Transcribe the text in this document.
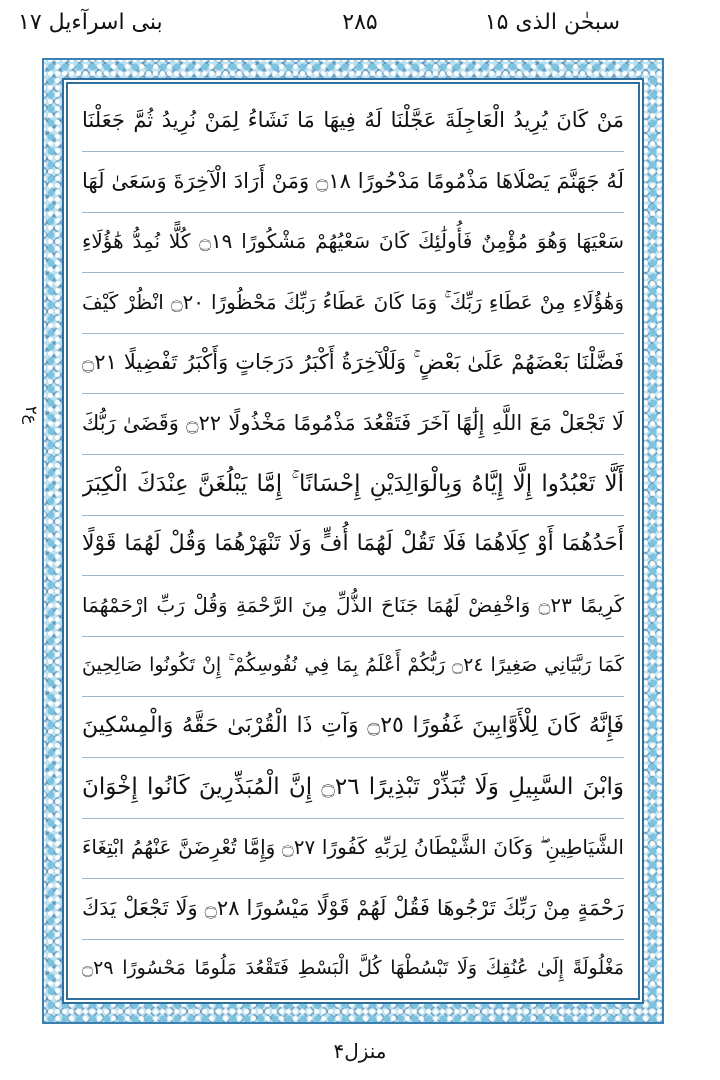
سبحٰن الذی ۱۵
۲۸۵
بنی اسرآءیل ۱۷
ع۲
مَنْ كَانَ يُرِيدُ الْعَاجِلَةَ عَجَّلْنَا لَهُ فِيهَا مَا نَشَاءُ لِمَنْ نُرِيدُ ثُمَّ جَعَلْنَا
لَهُ جَهَنَّمَ يَصْلَاهَا مَذْمُومًا مَدْحُورًا ۝١٨ وَمَنْ أَرَادَ الْآخِرَةَ وَسَعَىٰ لَهَا
سَعْيَهَا وَهُوَ مُؤْمِنٌ فَأُولَٰئِكَ كَانَ سَعْيُهُمْ مَشْكُورًا ۝١٩ كُلًّا نُمِدُّ هَٰؤُلَاءِ
وَهَٰؤُلَاءِ مِنْ عَطَاءِ رَبِّكَ ۚ وَمَا كَانَ عَطَاءُ رَبِّكَ مَحْظُورًا ۝٢٠ انْظُرْ كَيْفَ
فَضَّلْنَا بَعْضَهُمْ عَلَىٰ بَعْضٍ ۚ وَلَلْآخِرَةُ أَكْبَرُ دَرَجَاتٍ وَأَكْبَرُ تَفْضِيلًا ۝٢١
لَا تَجْعَلْ مَعَ اللَّهِ إِلَٰهًا آخَرَ فَتَقْعُدَ مَذْمُومًا مَخْذُولًا ۝٢٢ وَقَضَىٰ رَبُّكَ
أَلَّا تَعْبُدُوا إِلَّا إِيَّاهُ وَبِالْوَالِدَيْنِ إِحْسَانًا ۚ إِمَّا يَبْلُغَنَّ عِنْدَكَ الْكِبَرَ
أَحَدُهُمَا أَوْ كِلَاهُمَا فَلَا تَقُلْ لَهُمَا أُفٍّ وَلَا تَنْهَرْهُمَا وَقُلْ لَهُمَا قَوْلًا
كَرِيمًا ۝٢٣ وَاخْفِضْ لَهُمَا جَنَاحَ الذُّلِّ مِنَ الرَّحْمَةِ وَقُلْ رَبِّ ارْحَمْهُمَا
كَمَا رَبَّيَانِي صَغِيرًا ۝٢٤ رَبُّكُمْ أَعْلَمُ بِمَا فِي نُفُوسِكُمْ ۚ إِنْ تَكُونُوا صَالِحِينَ
فَإِنَّهُ كَانَ لِلْأَوَّابِينَ غَفُورًا ۝٢٥ وَآتِ ذَا الْقُرْبَىٰ حَقَّهُ وَالْمِسْكِينَ
وَابْنَ السَّبِيلِ وَلَا تُبَذِّرْ تَبْذِيرًا ۝٢٦ إِنَّ الْمُبَذِّرِينَ كَانُوا إِخْوَانَ
الشَّيَاطِينِ ۖ وَكَانَ الشَّيْطَانُ لِرَبِّهِ كَفُورًا ۝٢٧ وَإِمَّا تُعْرِضَنَّ عَنْهُمُ ابْتِغَاءَ
رَحْمَةٍ مِنْ رَبِّكَ تَرْجُوهَا فَقُلْ لَهُمْ قَوْلًا مَيْسُورًا ۝٢٨ وَلَا تَجْعَلْ يَدَكَ
مَغْلُولَةً إِلَىٰ عُنُقِكَ وَلَا تَبْسُطْهَا كُلَّ الْبَسْطِ فَتَقْعُدَ مَلُومًا مَحْسُورًا ۝٢٩
منزل۴
